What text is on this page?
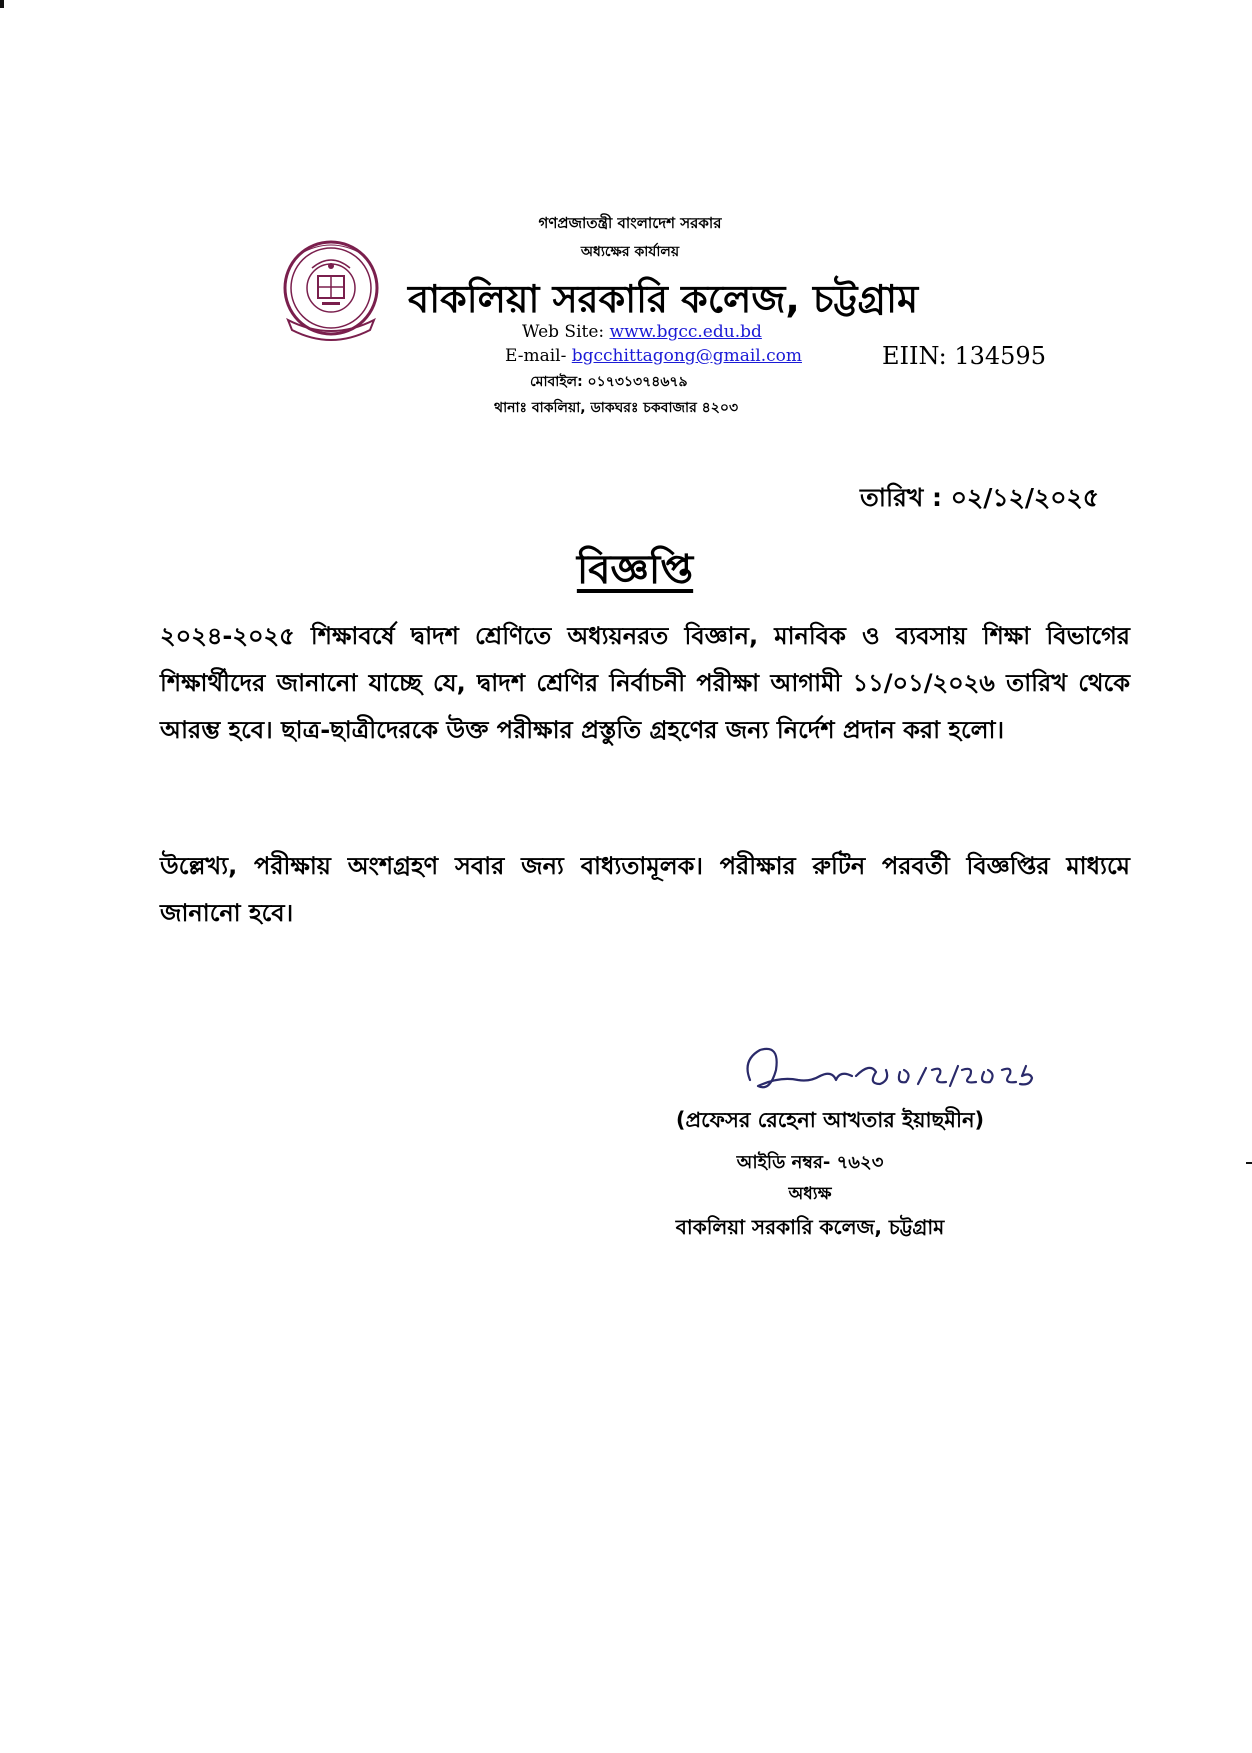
গণপ্রজাতন্ত্রী বাংলাদেশ সরকার
অধ্যক্ষের কার্যালয়
বাকলিয়া সরকারি কলেজ, চট্টগ্রাম
Web Site: www.bgcc.edu.bd
E-mail- bgcchittagong@gmail.com
মোবাইল: ০১৭৩১৩৭৪৬৭৯
থানাঃ বাকলিয়া, ডাকঘরঃ চকবাজার ৪২০৩
EIIN: 134595
তারিখ : ০২/১২/২০২৫
বিজ্ঞপ্তি
২০২৪-২০২৫ শিক্ষাবর্ষে দ্বাদশ শ্রেণিতে অধ্যয়নরত বিজ্ঞান, মানবিক ও ব্যবসায় শিক্ষা বিভাগের শিক্ষার্থীদের জানানো যাচ্ছে যে, দ্বাদশ শ্রেণির নির্বাচনী পরীক্ষা আগামী ১১/০১/২০২৬ তারিখ থেকে আরম্ভ হবে। ছাত্র-ছাত্রীদেরকে উক্ত পরীক্ষার প্রস্তুতি গ্রহণের জন্য নির্দেশ প্রদান করা হলো।
উল্লেখ্য, পরীক্ষায় অংশগ্রহণ সবার জন্য বাধ্যতামূলক। পরীক্ষার রুটিন পরবর্তী বিজ্ঞপ্তির মাধ্যমে জানানো হবে।
(প্রফেসর রেহেনা আখতার ইয়াছমীন)
আইডি নম্বর- ৭৬২৩
অধ্যক্ষ
বাকলিয়া সরকারি কলেজ, চট্টগ্রাম
